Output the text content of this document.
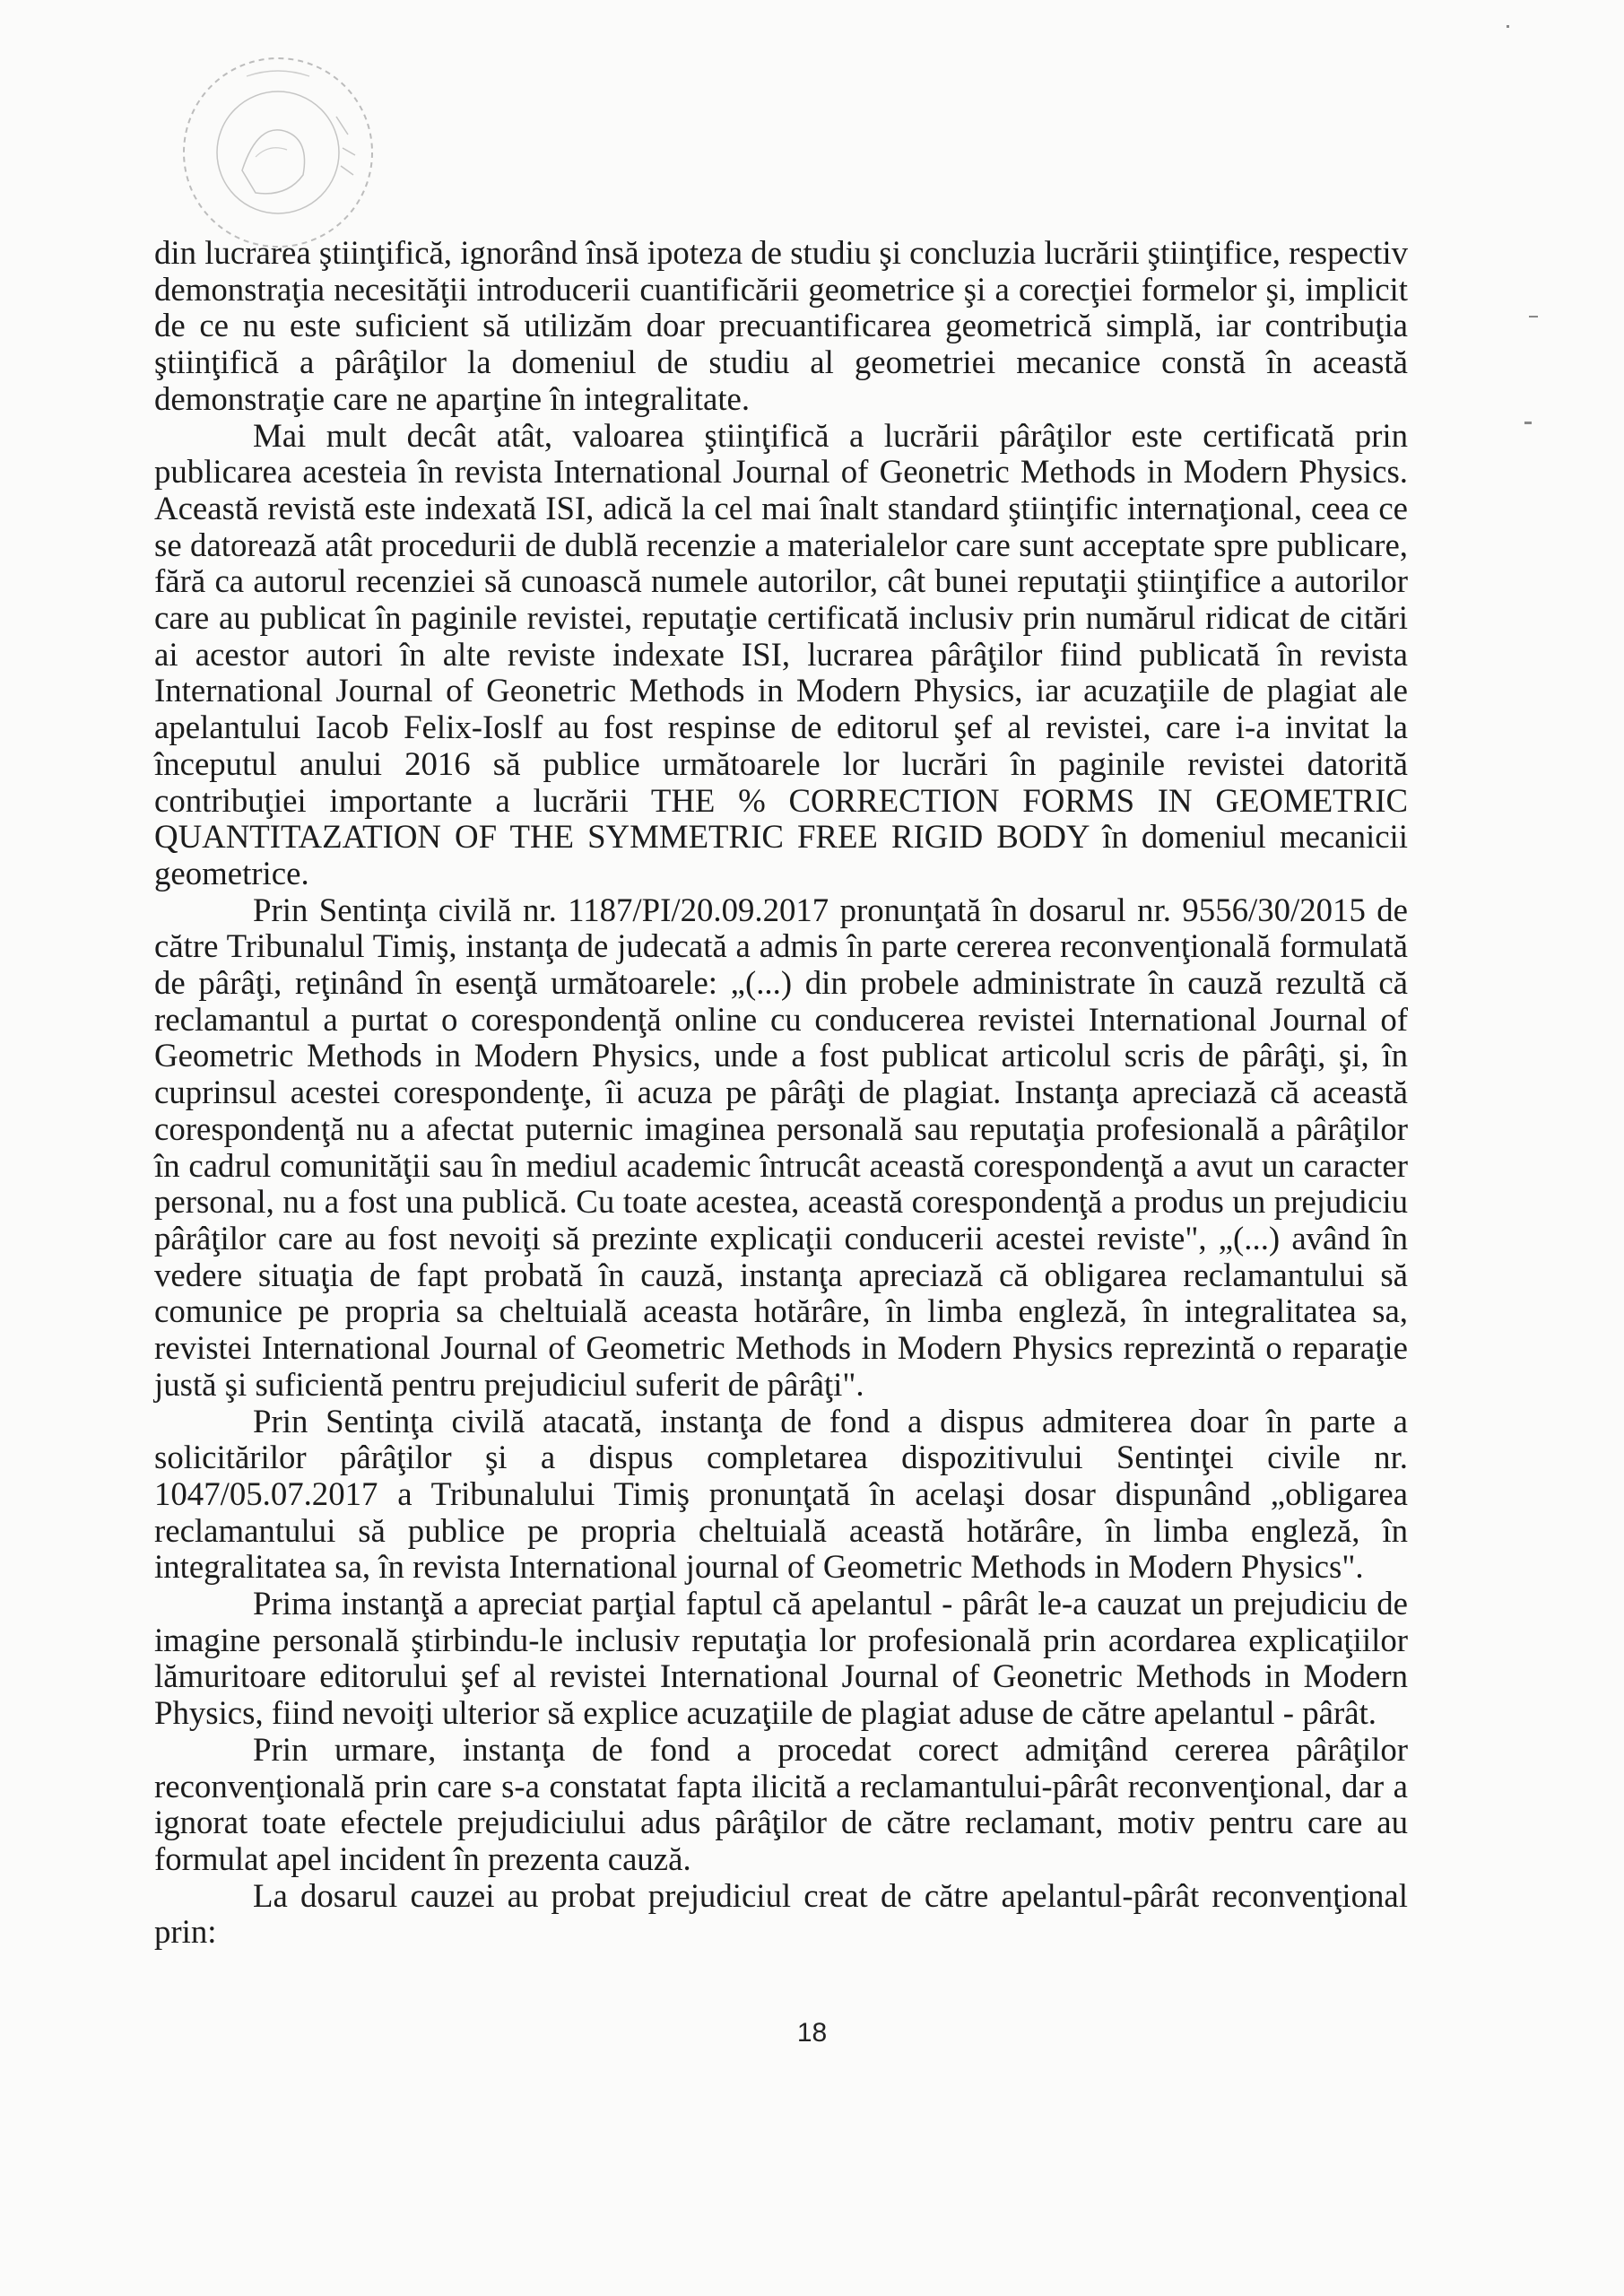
din lucrarea ştiinţifică, ignorând însă ipoteza de studiu şi concluzia lucrării ştiinţifice, respectiv demonstraţia necesităţii introducerii cuantificării geometrice şi a corecţiei formelor şi, implicit de ce nu este suficient să utilizăm doar precuantificarea geometrică simplă, iar contribuţia ştiinţifică a pârâţilor la domeniul de studiu al geometriei mecanice constă în această demonstraţie care ne aparţine în integralitate.

Mai mult decât atât, valoarea ştiinţifică a lucrării pârâţilor este certificată prin publicarea acesteia în revista International Journal of Geonetric Methods in Modern Physics. Această revistă este indexată ISI, adică la cel mai înalt standard ştiinţific internaţional, ceea ce se datorează atât procedurii de dublă recenzie a materialelor care sunt acceptate spre publicare, fără ca autorul recenziei să cunoască numele autorilor, cât bunei reputaţii ştiinţifice a autorilor care au publicat în paginile revistei, reputaţie certificată inclusiv prin numărul ridicat de citări ai acestor autori în alte reviste indexate ISI, lucrarea pârâţilor fiind publicată în revista International Journal of Geonetric Methods in Modern Physics, iar acuzaţiile de plagiat ale apelantului Iacob Felix-Ioslf au fost respinse de editorul şef al revistei, care i-a invitat la începutul anului 2016 să publice următoarele lor lucrări în paginile revistei datorită contribuţiei importante a lucrării THE % CORRECTION FORMS IN GEOMETRIC QUANTITAZATION OF THE SYMMETRIC FREE RIGID BODY în domeniul mecanicii geometrice.

Prin Sentinţa civilă nr. 1187/PI/20.09.2017 pronunţată în dosarul nr. 9556/30/2015 de către Tribunalul Timiş, instanţa de judecată a admis în parte cererea reconvenţională formulată de pârâţi, reţinând în esenţă următoarele: „(...) din probele administrate în cauză rezultă că reclamantul a purtat o corespondenţă online cu conducerea revistei International Journal of Geometric Methods in Modern Physics, unde a fost publicat articolul scris de pârâţi, şi, în cuprinsul acestei corespondenţe, îi acuza pe pârâţi de plagiat. Instanţa apreciază că această corespondenţă nu a afectat puternic imaginea personală sau reputaţia profesională a pârâţilor în cadrul comunităţii sau în mediul academic întrucât această corespondenţă a avut un caracter personal, nu a fost una publică. Cu toate acestea, această corespondenţă a produs un prejudiciu pârâţilor care au fost nevoiţi să prezinte explicaţii conducerii acestei reviste", „(...) având în vedere situaţia de fapt probată în cauză, instanţa apreciază că obligarea reclamantului să comunice pe propria sa cheltuială aceasta hotărâre, în limba engleză, în integralitatea sa, revistei International Journal of Geometric Methods in Modern Physics reprezintă o reparaţie justă şi suficientă pentru prejudiciul suferit de pârâţi".

Prin Sentinţa civilă atacată, instanţa de fond a dispus admiterea doar în parte a solicitărilor pârâţilor şi a dispus completarea dispozitivului Sentinţei civile nr. 1047/05.07.2017 a Tribunalului Timiş pronunţată în acelaşi dosar dispunând „obligarea reclamantului să publice pe propria cheltuială această hotărâre, în limba engleză, în integralitatea sa, în revista International journal of Geometric Methods in Modern Physics".

Prima instanţă a apreciat parţial faptul că apelantul - pârât le-a cauzat un prejudiciu de imagine personală ştirbindu-le inclusiv reputaţia lor profesională prin acordarea explicaţiilor lămuritoare editorului şef al revistei International Journal of Geonetric Methods in Modern Physics, fiind nevoiţi ulterior să explice acuzaţiile de plagiat aduse de către apelantul - pârât.

Prin urmare, instanţa de fond a procedat corect admiţând cererea pârâţilor reconvenţională prin care s-a constatat fapta ilicită a reclamantului-pârât reconvenţional, dar a ignorat toate efectele prejudiciului adus pârâţilor de către reclamant, motiv pentru care au formulat apel incident în prezenta cauză.

La dosarul cauzei au probat prejudiciul creat de către apelantul-pârât reconvenţional prin:

18
